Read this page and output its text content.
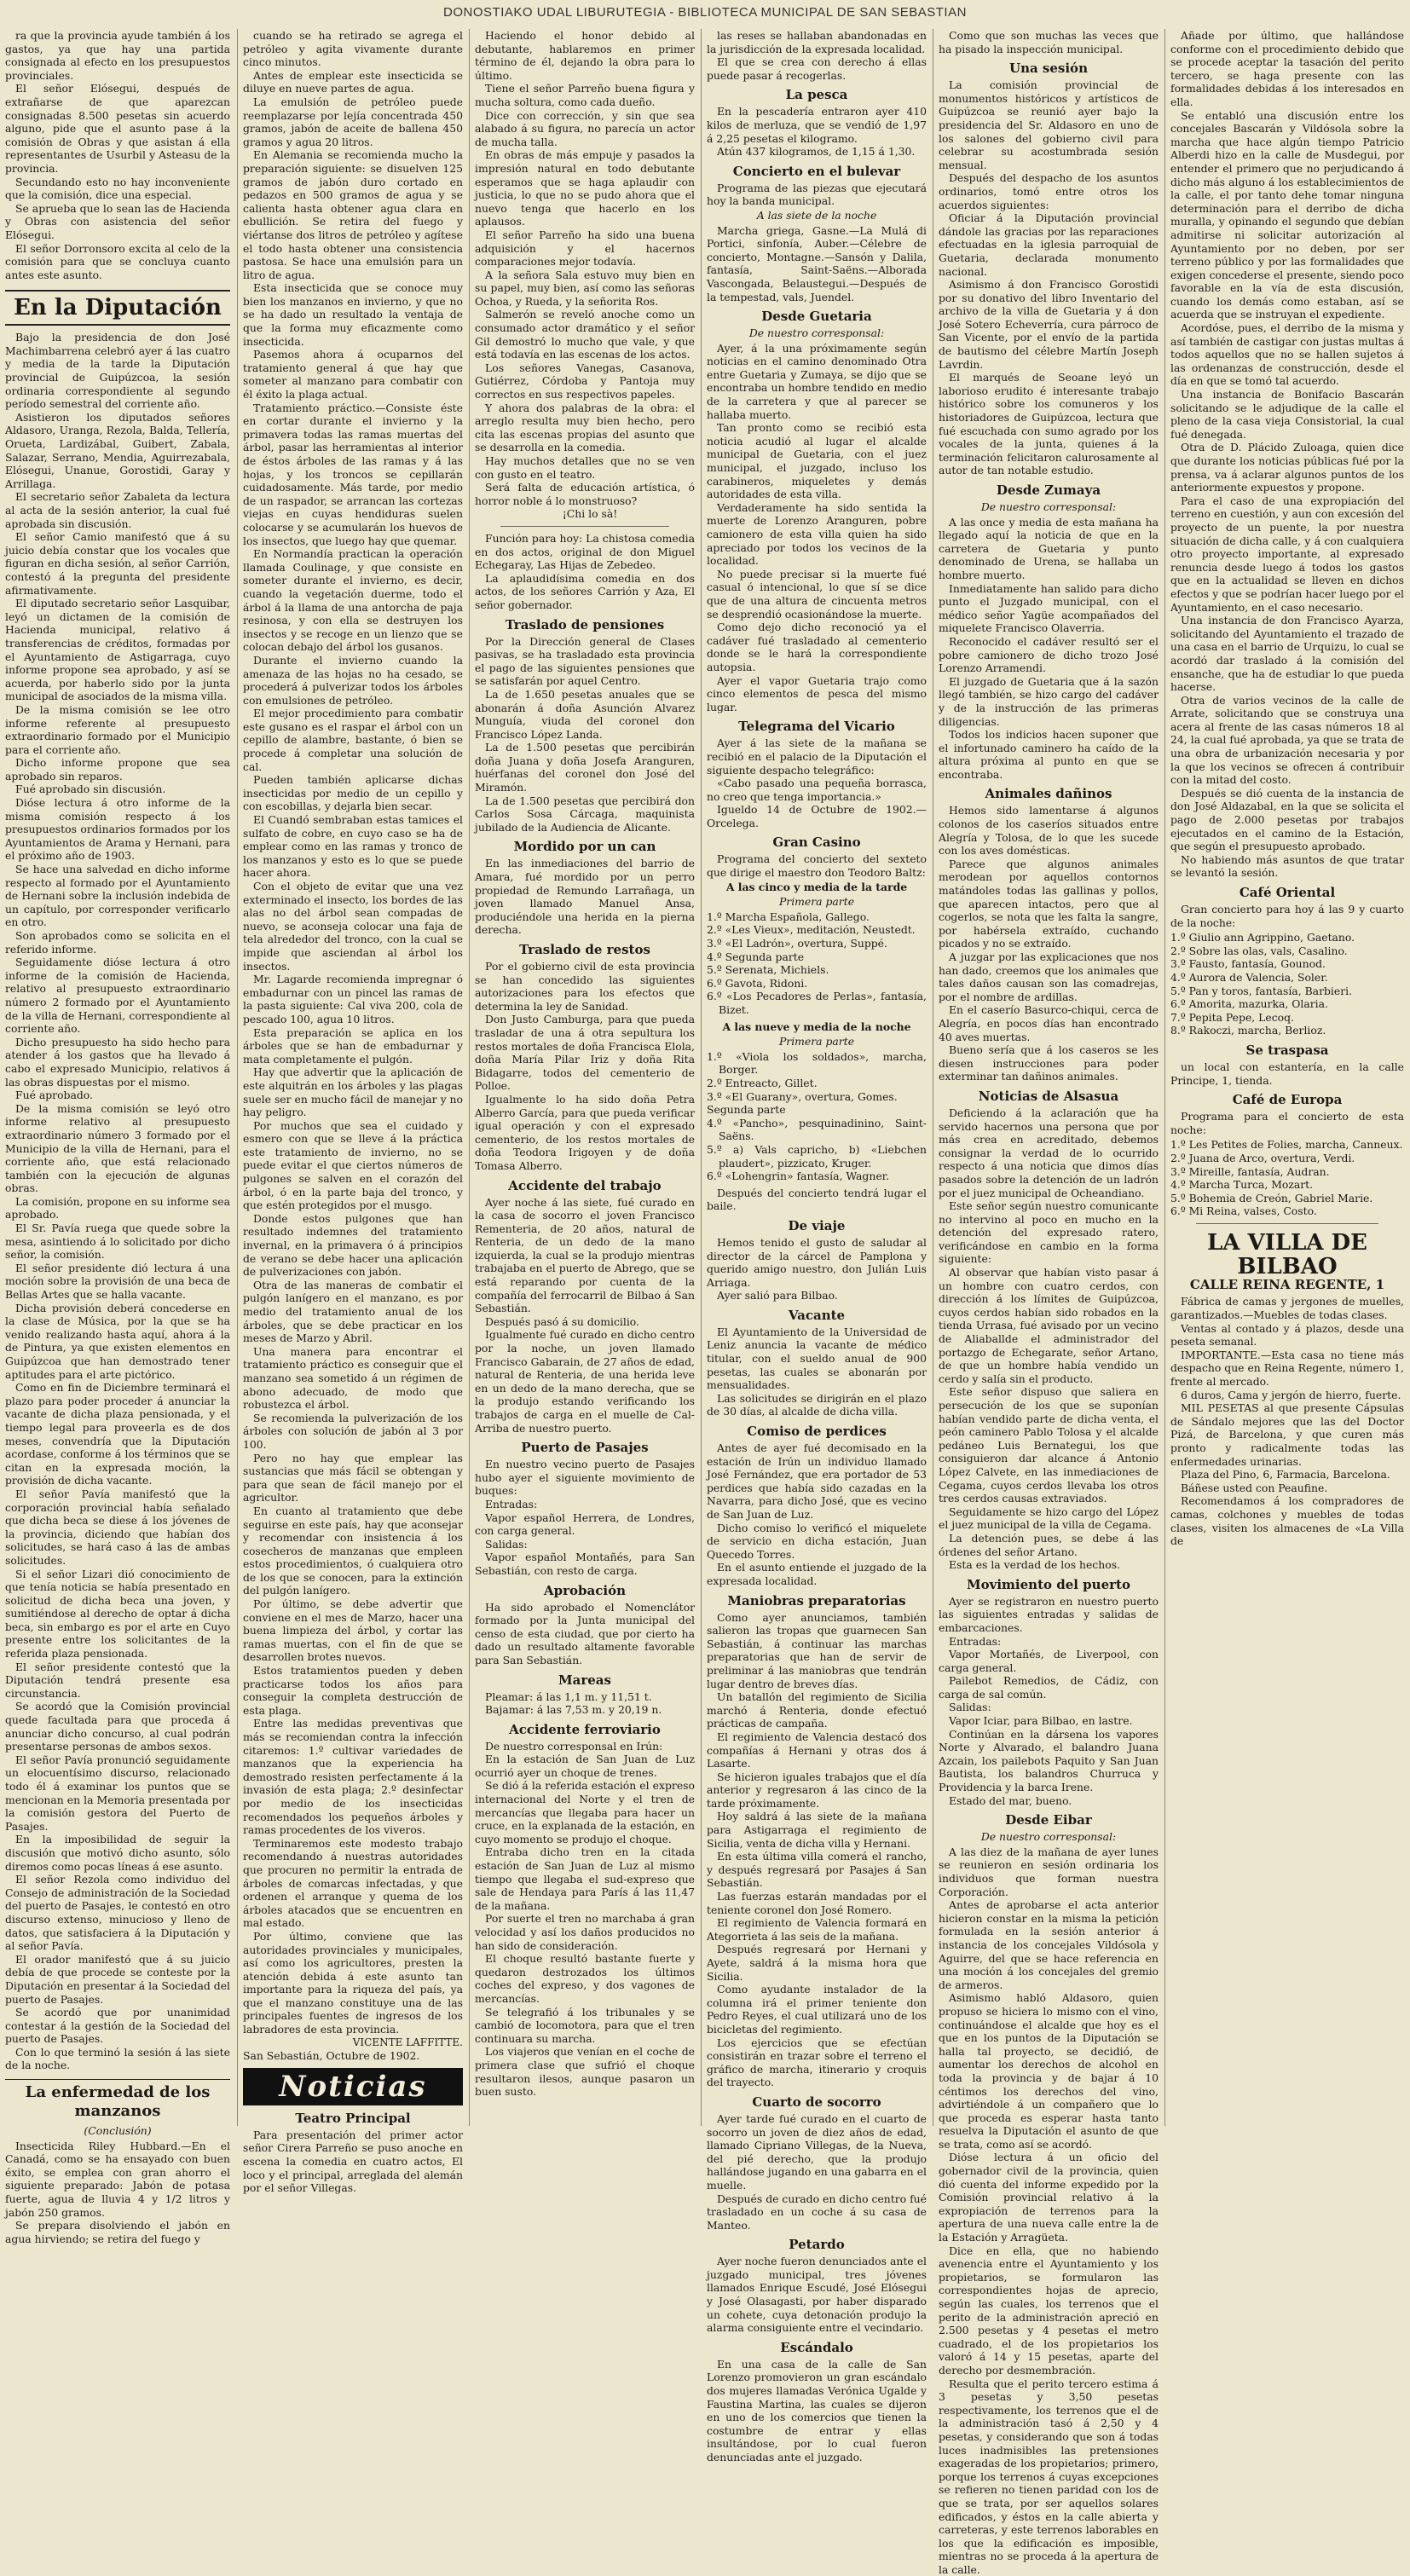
DONOSTIAKO UDAL LIBURUTEGIA - BIBLIOTECA MUNICIPAL DE SAN SEBASTIAN

ra que la provincia ayude también á los gastos, ya que hay una partida consignada al efecto en los presupuestos provinciales.

El señor Elósegui, después de extrañarse de que aparezcan consignadas 8.500 pesetas sin acuerdo alguno, pide que el asunto pase á la comisión de Obras y que asistan á ella representantes de Usurbil y Asteasu de la provincia.

Secundando esto no hay inconveniente que la comisión, dice una especial.

Se aprueba que lo sean las de Hacienda y Obras con asistencia del señor Elósegui.

El señor Dorronsoro excita al celo de la comisión para que se concluya cuanto antes este asunto.

En la Diputación

Bajo la presidencia de don José Machimbarrena celebró ayer á las cuatro y media de la tarde la Diputación provincial de Guipúzcoa, la sesión ordinaria correspondiente al segundo período semestral del corriente año.

Asistieron los diputados señores Aldasoro, Uranga, Rezola, Balda, Tellería, Orueta, Lardizábal, Guibert, Zabala, Salazar, Serrano, Mendia, Aguirrezabala, Elósegui, Unanue, Gorostidi, Garay y Arrillaga.

El secretario señor Zabaleta da lectura al acta de la sesión anterior, la cual fué aprobada sin discusión.

El señor Camio manifestó que á su juicio debía constar que los vocales que figuran en dicha sesión, al señor Carrión, contestó á la pregunta del presidente afirmativamente.

El diputado secretario señor Lasquibar, leyó un dictamen de la comisión de Hacienda municipal, relativo á transferencias de créditos, formadas por el Ayuntamiento de Astigarraga, cuyo informe propone sea aprobado, y así se acuerda, por haberlo sido por la junta municipal de asociados de la misma villa.

De la misma comisión se lee otro informe referente al presupuesto extraordinario formado por el Municipio para el corriente año.

Dicho informe propone que sea aprobado sin reparos.

Fué aprobado sin discusión.

Dióse lectura á otro informe de la misma comisión respecto á los presupuestos ordinarios formados por los Ayuntamientos de Arama y Hernani, para el próximo año de 1903.

Se hace una salvedad en dicho informe respecto al formado por el Ayuntamiento de Hernani sobre la inclusión indebida de un capítulo, por corresponder verificarlo en otro.

Son aprobados como se solicita en el referido informe.

Seguidamente dióse lectura á otro informe de la comisión de Hacienda, relativo al presupuesto extraordinario número 2 formado por el Ayuntamiento de la villa de Hernani, correspondiente al corriente año.

Dicho presupuesto ha sido hecho para atender á los gastos que ha llevado á cabo el expresado Municipio, relativos á las obras dispuestas por el mismo.

Fué aprobado.

De la misma comisión se leyó otro informe relativo al presupuesto extraordinario número 3 formado por el Municipio de la villa de Hernani, para el corriente año, que está relacionado también con la ejecución de algunas obras.

La comisión, propone en su informe sea aprobado.

El Sr. Pavía ruega que quede sobre la mesa, asintiendo á lo solicitado por dicho señor, la comisión.

El señor presidente dió lectura á una moción sobre la provisión de una beca de Bellas Artes que se halla vacante.

Dicha provisión deberá concederse en la clase de Música, por la que se ha venido realizando hasta aquí, ahora á la de Pintura, ya que existen elementos en Guipúzcoa que han demostrado tener aptitudes para el arte pictórico.

Como en fin de Diciembre terminará el plazo para poder proceder á anunciar la vacante de dicha plaza pensionada, y el tiempo legal para proveerla es de dos meses, convendría que la Diputación acordase, conforme á los términos que se citan en la expresada moción, la provisión de dicha vacante.

El señor Pavía manifestó que la corporación provincial había señalado que dicha beca se diese á los jóvenes de la provincia, diciendo que habían dos solicitudes, se hará caso á las de ambas solicitudes.

Si el señor Lizari dió conocimiento de que tenía noticia se había presentado en solicitud de dicha beca una joven, y sumitiéndose al derecho de optar á dicha beca, sin embargo es por el arte en Cuyo presente entre los solicitantes de la referida plaza pensionada.

El señor presidente contestó que la Diputación tendrá presente esa circunstancia.

Se acordó que la Comisión provincial quede facultada para que proceda á anunciar dicho concurso, al cual podrán presentarse personas de ambos sexos.

El señor Pavía pronunció seguidamente un elocuentísimo discurso, relacionado todo él á examinar los puntos que se mencionan en la Memoria presentada por la comisión gestora del Puerto de Pasajes.

En la imposibilidad de seguir la discusión que motivó dicho asunto, sólo diremos como pocas líneas á ese asunto.

El señor Rezola como individuo del Consejo de administración de la Sociedad del puerto de Pasajes, le contestó en otro discurso extenso, minucioso y lleno de datos, que satisfaciera á la Diputación y al señor Pavía.

El orador manifestó que á su juicio debía de que procede se conteste por la Diputación en presentar á la Sociedad del puerto de Pasajes.

Se acordó que por unanimidad contestar á la gestión de la Sociedad del puerto de Pasajes.

Con lo que terminó la sesión á las siete de la noche.

La enfermedad de los manzanos
(Conclusión)

Insecticida Riley Hubbard.—En el Canadá, como se ha ensayado con buen éxito, se emplea con gran ahorro el siguiente preparado: Jabón de potasa fuerte, agua de lluvia 4 y 1/2 litros y jabón 250 gramos.

Se prepara disolviendo el jabón en agua hirviendo; se retira del fuego y

cuando se ha retirado se agrega el petróleo y agita vivamente durante cinco minutos.

Antes de emplear este insecticida se diluye en nueve partes de agua.

La emulsión de petróleo puede reemplazarse por lejía concentrada 450 gramos, jabón de aceite de ballena 450 gramos y agua 20 litros.

En Alemania se recomienda mucho la preparación siguiente: se disuelven 125 gramos de jabón duro cortado en pedazos en 500 gramos de agua y se calienta hasta obtener agua clara en ebullición. Se retira del fuego y viértanse dos litros de petróleo y agítese el todo hasta obtener una consistencia pastosa. Se hace una emulsión para un litro de agua.

Esta insecticida que se conoce muy bien los manzanos en invierno, y que no se ha dado un resultado la ventaja de que la forma muy eficazmente como insecticida.

Pasemos ahora á ocuparnos del tratamiento general á que hay que someter al manzano para combatir con él éxito la plaga actual.

Tratamiento práctico.—Consiste éste en cortar durante el invierno y la primavera todas las ramas muertas del árbol, pasar las herramientas al interior de éstos árboles de las ramas y á las hojas, y los troncos se cepillarán cuidadosamente. Más tarde, por medio de un raspador, se arrancan las cortezas viejas en cuyas hendiduras suelen colocarse y se acumularán los huevos de los insectos, que luego hay que quemar.

En Normandía practican la operación llamada Coulinage, y que consiste en someter durante el invierno, es decir, cuando la vegetación duerme, todo el árbol á la llama de una antorcha de paja resinosa, y con ella se destruyen los insectos y se recoge en un lienzo que se colocan debajo del árbol los gusanos.

Durante el invierno cuando la amenaza de las hojas no ha cesado, se procederá á pulverizar todos los árboles con emulsiones de petróleo.

El mejor procedimiento para combatir este gusano es el raspar el árbol con un cepillo de alambre, bastante, ó bien se procede á completar una solución de cal.

Pueden también aplicarse dichas insecticidas por medio de un cepillo y con escobillas, y dejarla bien secar.

El Cuandó sembraban estas tamices el sulfato de cobre, en cuyo caso se ha de emplear como en las ramas y tronco de los manzanos y esto es lo que se puede hacer ahora.

Con el objeto de evitar que una vez exterminado el insecto, los bordes de las alas no del árbol sean compadas de nuevo, se aconseja colocar una faja de tela alrededor del tronco, con la cual se impide que asciendan al árbol los insectos.

Mr. Lagarde recomienda impregnar ó embadurnar con un pincel las ramas de la pasta siguiente: Cal viva 200, cola de pescado 100, agua 10 litros.

Esta preparación se aplica en los árboles que se han de embadurnar y mata completamente el pulgón.

Hay que advertir que la aplicación de este alquitrán en los árboles y las plagas suele ser en mucho fácil de manejar y no hay peligro.

Por muchos que sea el cuidado y esmero con que se lleve á la práctica este tratamiento de invierno, no se puede evitar el que ciertos números de pulgones se salven en el corazón del árbol, ó en la parte baja del tronco, y que estén protegidos por el musgo.

Donde estos pulgones que han resultado indemnes del tratamiento invernal, en la primavera ó á principios de verano se debe hacer una aplicación de pulverizaciones con jabón.

Otra de las maneras de combatir el pulgón lanígero en el manzano, es por medio del tratamiento anual de los árboles, que se debe practicar en los meses de Marzo y Abril.

Una manera para encontrar el tratamiento práctico es conseguir que el manzano sea sometido á un régimen de abono adecuado, de modo que robustezca el árbol.

Se recomienda la pulverización de los árboles con solución de jabón al 3 por 100.

Pero no hay que emplear las sustancias que más fácil se obtengan y para que sean de fácil manejo por el agricultor.

En cuanto al tratamiento que debe seguirse en este país, hay que aconsejar y recomendar con insistencia á los cosecheros de manzanas que empleen estos procedimientos, ó cualquiera otro de los que se conocen, para la extinción del pulgón lanígero.

Por último, se debe advertir que conviene en el mes de Marzo, hacer una buena limpieza del árbol, y cortar las ramas muertas, con el fin de que se desarrollen brotes nuevos.

Estos tratamientos pueden y deben practicarse todos los años para conseguir la completa destrucción de esta plaga.

Entre las medidas preventivas que más se recomiendan contra la infección citaremos: 1.º cultivar variedades de manzanos que la experiencia ha demostrado resisten perfectamente á la invasión de esta plaga; 2.º desinfectar por medio de los insecticidas recomendados los pequeños árboles y ramas procedentes de los viveros.

Terminaremos este modesto trabajo recomendando á nuestras autoridades que procuren no permitir la entrada de árboles de comarcas infectadas, y que ordenen el arranque y quema de los árboles atacados que se encuentren en mal estado.

Por último, conviene que las autoridades provinciales y municipales, así como los agricultores, presten la atención debida á este asunto tan importante para la riqueza del país, ya que el manzano constituye una de las principales fuentes de ingresos de los labradores de esta provincia.

VICENTE LAFFITTE.
San Sebastián, Octubre de 1902.
Noticias
Teatro Principal

Para presentación del primer actor señor Cirera Parreño se puso anoche en escena la comedia en cuatro actos, El loco y el principal, arreglada del alemán por el señor Villegas.

Haciendo el honor debido al debutante, hablaremos en primer término de él, dejando la obra para lo último.

Tiene el señor Parreño buena figura y mucha soltura, como cada dueño.

Dice con corrección, y sin que sea alabado á su figura, no parecía un actor de mucha talla.

En obras de más empuje y pasados la impresión natural en todo debutante esperamos que se haga aplaudir con justicia, lo que no se pudo ahora que el nuevo tenga que hacerlo en los aplausos.

El señor Parreño ha sido una buena adquisición y el hacernos comparaciones mejor todavía.

A la señora Sala estuvo muy bien en su papel, muy bien, así como las señoras Ochoa, y Rueda, y la señorita Ros.

Salmerón se reveló anoche como un consumado actor dramático y el señor Gil demostró lo mucho que vale, y que está todavía en las escenas de los actos.

Los señores Vanegas, Casanova, Gutiérrez, Córdoba y Pantoja muy correctos en sus respectivos papeles.

Y ahora dos palabras de la obra: el arreglo resulta muy bien hecho, pero cita las escenas propias del asunto que se desarrolla en la comedia.

Hay muchos detalles que no se ven con gusto en el teatro.

Será falta de educación artística, ó horror noble á lo monstruoso?

¡Chi lo sà!

Función para hoy: La chistosa comedia en dos actos, original de don Miguel Echegaray, Las Hijas de Zebedeo.

La aplaudidísima comedia en dos actos, de los señores Carrión y Aza, El señor gobernador.

Traslado de pensiones

Por la Dirección general de Clases pasivas, se ha trasladado esta provincia el pago de las siguientes pensiones que se satisfarán por aquel Centro.

La de 1.650 pesetas anuales que se abonarán á doña Asunción Alvarez Munguía, viuda del coronel don Francisco López Landa.

La de 1.500 pesetas que percibirán doña Juana y doña Josefa Aranguren, huérfanas del coronel don José del Miramón.

La de 1.500 pesetas que percibirá don Carlos Sosa Cárcaga, maquinista jubilado de la Audiencia de Alicante.

Mordido por un can

En las inmediaciones del barrio de Amara, fué mordido por un perro propiedad de Remundo Larrañaga, un joven llamado Manuel Ansa, produciéndole una herida en la pierna derecha.

Traslado de restos

Por el gobierno civil de esta provincia se han concedido las siguientes autorizaciones para los efectos que determina la ley de Sanidad.

Don Justo Camburga, para que pueda trasladar de una á otra sepultura los restos mortales de doña Francisca Elola, doña María Pilar Iriz y doña Rita Bidagarre, todos del cementerio de Polloe.

Igualmente lo ha sido doña Petra Alberro García, para que pueda verificar igual operación y con el expresado cementerio, de los restos mortales de doña Teodora Irigoyen y de doña Tomasa Alberro.

Accidente del trabajo

Ayer noche á las siete, fué curado en la casa de socorro el joven Francisco Rementeria, de 20 años, natural de Renteria, de un dedo de la mano izquierda, la cual se la produjo mientras trabajaba en el puerto de Abrego, que se está reparando por cuenta de la compañía del ferrocarril de Bilbao á San Sebastián.

Después pasó á su domicilio.

Igualmente fué curado en dicho centro por la noche, un joven llamado Francisco Gabarain, de 27 años de edad, natural de Renteria, de una herida leve en un dedo de la mano derecha, que se la produjo estando verificando los trabajos de carga en el muelle de Cal-Arriba de nuestro puerto.

Puerto de Pasajes

En nuestro vecino puerto de Pasajes hubo ayer el siguiente movimiento de buques:

Entradas:

Vapor español Herrera, de Londres, con carga general.

Salidas:

Vapor español Montañés, para San Sebastián, con resto de carga.

Aprobación

Ha sido aprobado el Nomenclátor formado por la Junta municipal del censo de esta ciudad, que por cierto ha dado un resultado altamente favorable para San Sebastián.

Mareas

Pleamar: á las 1,1 m. y 11,51 t.

Bajamar: á las 7,53 m. y 20,19 n.

Accidente ferroviario

De nuestro corresponsal en Irún:

En la estación de San Juan de Luz ocurrió ayer un choque de trenes.

Se dió á la referida estación el expreso internacional del Norte y el tren de mercancías que llegaba para hacer un cruce, en la explanada de la estación, en cuyo momento se produjo el choque.

Entraba dicho tren en la citada estación de San Juan de Luz al mismo tiempo que llegaba el sud-expreso que sale de Hendaya para París á las 11,47 de la mañana.

Por suerte el tren no marchaba á gran velocidad y así los daños producidos no han sido de consideración.

El choque resultó bastante fuerte y quedaron destrozados los últimos coches del expreso, y dos vagones de mercancías.

Se telegrafió á los tribunales y se cambió de locomotora, para que el tren continuara su marcha.

Los viajeros que venían en el coche de primera clase que sufrió el choque resultaron ilesos, aunque pasaron un buen susto.

las reses se hallaban abandonadas en la jurisdicción de la expresada localidad.

El que se crea con derecho á ellas puede pasar á recogerlas.

La pesca

En la pescadería entraron ayer 410 kilos de merluza, que se vendió de 1,97 á 2,25 pesetas el kilogramo.

Atún 437 kilogramos, de 1,15 á 1,30.

Concierto en el bulevar

Programa de las piezas que ejecutará hoy la banda municipal.

A las siete de la noche

Marcha griega, Gasne.—La Mulá di Portici, sinfonía, Auber.—Célebre de concierto, Montagne.—Sansón y Dalila, fantasía, Saint-Saëns.—Alborada Vascongada, Belaustegui.—Después de la tempestad, vals, Juendel.

Desde Guetaria
De nuestro corresponsal:

Ayer, á la una próximamente según noticias en el camino denominado Otra entre Guetaria y Zumaya, se dijo que se encontraba un hombre tendido en medio de la carretera y que al parecer se hallaba muerto.

Tan pronto como se recibió esta noticia acudió al lugar el alcalde municipal de Guetaria, con el juez municipal, el juzgado, incluso los carabineros, miqueletes y demás autoridades de esta villa.

Verdaderamente ha sido sentida la muerte de Lorenzo Aranguren, pobre camionero de esta villa quien ha sido apreciado por todos los vecinos de la localidad.

No puede precisar si la muerte fué casual ó intencional, lo que sí se dice que de una altura de cincuenta metros se desprendió ocasionándose la muerte.

Como dejo dicho reconoció ya el cadáver fué trasladado al cementerio donde se le hará la correspondiente autopsia.

Ayer el vapor Guetaria trajo como cinco elementos de pesca del mismo lugar.

Telegrama del Vicario

Ayer á las siete de la mañana se recibió en el palacio de la Diputación el siguiente despacho telegráfico:

«Cabo pasado una pequeña borrasca, no creo que tenga importancia.»

Igueldo 14 de Octubre de 1902.—Orcelega.

Gran Casino

Programa del concierto del sexteto que dirige el maestro don Teodoro Baltz:

A las cinco y media de la tarde
Primera parte
1.º Marcha Española, Gallego.
2.º «Les Vieux», meditación, Neustedt.
3.º «El Ladrón», overtura, Suppé.
4.º Segunda parte
5.º Serenata, Michiels.
6.º Gavota, Ridoni.
6.º «Los Pecadores de Perlas», fantasía, Bizet.
A las nueve y media de la noche
Primera parte
1.º «Viola los soldados», marcha, Borger.
2.º Entreacto, Gillet.
3.º «El Guarany», overtura, Gomes.
Segunda parte
4.º «Pancho», pesquinadinino, Saint-Saëns.
5.º a) Vals capricho, b) «Liebchen plaudert», pizzicato, Kruger.
6.º «Lohengrin» fantasía, Wagner.

Después del concierto tendrá lugar el baile.

De viaje

Hemos tenido el gusto de saludar al director de la cárcel de Pamplona y querido amigo nuestro, don Julián Luis Arriaga.

Ayer salió para Bilbao.

Vacante

El Ayuntamiento de la Universidad de Leniz anuncia la vacante de médico titular, con el sueldo anual de 900 pesetas, las cuales se abonarán por mensualidades.

Las solicitudes se dirigirán en el plazo de 30 días, al alcalde de dicha villa.

Comiso de perdices

Antes de ayer fué decomisado en la estación de Irún un individuo llamado José Fernández, que era portador de 53 perdices que había sido cazadas en la Navarra, para dicho José, que es vecino de San Juan de Luz.

Dicho comiso lo verificó el miquelete de servicio en dicha estación, Juan Quecedo Torres.

En el asunto entiende el juzgado de la expresada localidad.

Maniobras preparatorias

Como ayer anunciamos, también salieron las tropas que guarnecen San Sebastián, á continuar las marchas preparatorias que han de servir de preliminar á las maniobras que tendrán lugar dentro de breves días.

Un batallón del regimiento de Sicilia marchó á Renteria, donde efectuó prácticas de campaña.

El regimiento de Valencia destacó dos compañías á Hernani y otras dos á Lasarte.

Se hicieron iguales trabajos que el día anterior y regresaron á las cinco de la tarde próximamente.

Hoy saldrá á las siete de la mañana para Astigarraga el regimiento de Sicilia, venta de dicha villa y Hernani.

En esta última villa comerá el rancho, y después regresará por Pasajes á San Sebastián.

Las fuerzas estarán mandadas por el teniente coronel don José Romero.

El regimiento de Valencia formará en Ategorrieta á las seis de la mañana.

Después regresará por Hernani y Ayete, saldrá á la misma hora que Sicilia.

Como ayudante instalador de la columna irá el primer teniente don Pedro Reyes, el cual utilizará uno de los bicicletas del regimiento.

Los ejercicios que se efectúan consistirán en trazar sobre el terreno el gráfico de marcha, itinerario y croquis del trayecto.

Cuarto de socorro

Ayer tarde fué curado en el cuarto de socorro un joven de diez años de edad, llamado Cipriano Villegas, de la Nueva, del pié derecho, que la produjo hallándose jugando en una gabarra en el muelle.

Después de curado en dicho centro fué trasladado en un coche á su casa de Manteo.

Petardo

Ayer noche fueron denunciados ante el juzgado municipal, tres jóvenes llamados Enrique Escudé, José Elósegui y José Olasagasti, por haber disparado un cohete, cuya detonación produjo la alarma consiguiente entre el vecindario.

Escándalo

En una casa de la calle de San Lorenzo promovieron un gran escándalo dos mujeres llamadas Verónica Ugalde y Faustina Martina, las cuales se dijeron en uno de los comercios que tienen la costumbre de entrar y ellas insultándose, por lo cual fueron denunciadas ante el juzgado.

Como que son muchas las veces que ha pisado la inspección municipal.

Una sesión

La comisión provincial de monumentos históricos y artísticos de Guipúzcoa se reunió ayer bajo la presidencia del Sr. Aldasoro en uno de los salones del gobierno civil para celebrar su acostumbrada sesión mensual.

Después del despacho de los asuntos ordinarios, tomó entre otros los acuerdos siguientes:

Oficiar á la Diputación provincial dándole las gracias por las reparaciones efectuadas en la iglesia parroquial de Guetaria, declarada monumento nacional.

Asimismo á don Francisco Gorostidi por su donativo del libro Inventario del archivo de la villa de Guetaria y á don José Sotero Echeverría, cura párroco de San Vicente, por el envío de la partida de bautismo del célebre Martín Joseph Lavrdin.

El marqués de Seoane leyó un laborioso erudito é interesante trabajo histórico sobre los comuneros y los historiadores de Guipúzcoa, lectura que fué escuchada con sumo agrado por los vocales de la junta, quienes á la terminación felicitaron calurosamente al autor de tan notable estudio.

Desde Zumaya
De nuestro corresponsal:

A las once y media de esta mañana ha llegado aquí la noticia de que en la carretera de Guetaria y punto denominado de Urena, se hallaba un hombre muerto.

Inmediatamente han salido para dicho punto el Juzgado municipal, con el médico señor Yagüe acompañados del miquelete Francisco Olaverria.

Reconocido el cadáver resultó ser el pobre camionero de dicho trozo José Lorenzo Arramendi.

El juzgado de Guetaria que á la sazón llegó también, se hizo cargo del cadáver y de la instrucción de las primeras diligencias.

Todos los indicios hacen suponer que el infortunado caminero ha caído de la altura próxima al punto en que se encontraba.

Animales dañinos

Hemos sido lamentarse á algunos colonos de los caseríos situados entre Alegría y Tolosa, de lo que les sucede con los aves domésticas.

Parece que algunos animales merodean por aquellos contornos matándoles todas las gallinas y pollos, que aparecen intactos, pero que al cogerlos, se nota que les falta la sangre, por habérsela extraído, cuchando picados y no se extraído.

A juzgar por las explicaciones que nos han dado, creemos que los animales que tales daños causan son las comadrejas, por el nombre de ardillas.

En el caserío Basurco-chiqui, cerca de Alegría, en pocos días han encontrado 40 aves muertas.

Bueno sería que á los caseros se les diesen instrucciones para poder exterminar tan dañinos animales.

Noticias de Alsasua

Deficiendo á la aclaración que ha servido hacernos una persona que por más crea en acreditado, debemos consignar la verdad de lo ocurrido respecto á una noticia que dimos días pasados sobre la detención de un ladrón por el juez municipal de Ocheandiano.

Este señor según nuestro comunicante no intervino al poco en mucho en la detención del expresado ratero, verificándose en cambio en la forma siguiente:

Al observar que habían visto pasar á un hombre con cuatro cerdos, con dirección á los límites de Guipúzcoa, cuyos cerdos habían sido robados en la tienda Urrasa, fué avisado por un vecino de Aliaballde el administrador del portazgo de Echegarate, señor Artano, de que un hombre había vendido un cerdo y salía sin el producto.

Este señor dispuso que saliera en persecución de los que se suponían habían vendido parte de dicha venta, el peón caminero Pablo Tolosa y el alcalde pedáneo Luis Bernategui, los que consiguieron dar alcance á Antonio López Calvete, en las inmediaciones de Cegama, cuyos cerdos llevaba los otros tres cerdos causas extraviados.

Seguidamente se hizo cargo del López el juez municipal de la villa de Cegama.

La detención pues, se debe á las órdenes del señor Artano.

Esta es la verdad de los hechos.

Movimiento del puerto

Ayer se registraron en nuestro puerto las siguientes entradas y salidas de embarcaciones.

Entradas:

Vapor Mortañés, de Liverpool, con carga general.

Pailebot Remedios, de Cádiz, con carga de sal común.

Salidas:

Vapor Iciar, para Bilbao, en lastre.

Continúan en la dársena los vapores Norte y Alvarado, el balandro Juana Azcain, los pailebots Paquito y San Juan Bautista, los balandros Churruca y Providencia y la barca Irene.

Estado del mar, bueno.

Desde Eibar
De nuestro corresponsal:

A las diez de la mañana de ayer lunes se reunieron en sesión ordinaria los individuos que forman nuestra Corporación.

Antes de aprobarse el acta anterior hicieron constar en la misma la petición formulada en la sesión anterior á instancia de los concejales Vildósola y Aguirre, del que se hace referencia en una moción á los concejales del gremio de armeros.

Asimismo habló Aldasoro, quien propuso se hiciera lo mismo con el vino, continuándose el alcalde que hoy es el que en los puntos de la Diputación se halla tal proyecto, se decidió, de aumentar los derechos de alcohol en toda la provincia y de bajar á 10 céntimos los derechos del vino, advirtiéndole á un compañero que lo que proceda es esperar hasta tanto resuelva la Diputación el asunto de que se trata, como así se acordó.

Dióse lectura á un oficio del gobernador civil de la provincia, quien dió cuenta del informe expedido por la Comisión provincial relativo á la expropiación de terrenos para la apertura de una nueva calle entre la de la Estación y Arragüeta.

Dice en ella, que no habiendo avenencia entre el Ayuntamiento y los propietarios, se formularon las correspondientes hojas de aprecio, según las cuales, los terrenos que el perito de la administración apreció en 2.500 pesetas y 4 pesetas el metro cuadrado, el de los propietarios los valoró á 14 y 15 pesetas, aparte del derecho por desmembración.

Resulta que el perito tercero estima á 3 pesetas y 3,50 pesetas respectivamente, los terrenos que el de la administración tasó á 2,50 y 4 pesetas, y considerando que son á todas luces inadmisibles las pretensiones exageradas de los propietarios; primero, porque los terrenos á cuyas excepciones se refieren no tienen paridad con los de que se trata, por ser aquellos solares edificados, y éstos en la calle abierta y carreteras, y este terrenos laborables en los que la edificación es imposible, mientras no se proceda á la apertura de la calle.

Añade por último, que hallándose conforme con el procedimiento debido que se procede aceptar la tasación del perito tercero, se haga presente con las formalidades debidas á los interesados en ella.

Se entabló una discusión entre los concejales Bascarán y Vildósola sobre la marcha que hace algún tiempo Patricio Alberdi hizo en la calle de Musdegui, por entender el primero que no perjudicando á dicho más alguno á los establecimientos de la calle, el por tanto dehe tomar ninguna determinación para el derribo de dicha muralla, y opinando el segundo que debían admitirse ni solicitar autorización al Ayuntamiento por no deben, por ser terreno público y por las formalidades que exigen concederse el presente, siendo poco favorable en la vía de esta discusión, cuando los demás como estaban, así se acuerda que se instruyan el expediente.

Acordóse, pues, el derribo de la misma y así también de castigar con justas multas á todos aquellos que no se hallen sujetos á las ordenanzas de construcción, desde el día en que se tomó tal acuerdo.

Una instancia de Bonifacio Bascarán solicitando se le adjudique de la calle el pleno de la casa vieja Consistorial, la cual fué denegada.

Otra de D. Plácido Zuloaga, quien dice que durante los noticias públicas fué por la prensa, va á aclarar algunos puntos de los anteriormente expuestos y propone.

Para el caso de una expropiación del terreno en cuestión, y aun con excesión del proyecto de un puente, la por nuestra situación de dicha calle, y á con cualquiera otro proyecto importante, al expresado renuncia desde luego á todos los gastos que en la actualidad se lleven en dichos efectos y que se podrían hacer luego por el Ayuntamiento, en el caso necesario.

Una instancia de don Francisco Ayarza, solicitando del Ayuntamiento el trazado de una casa en el barrio de Urquizu, lo cual se acordó dar traslado á la comisión del ensanche, que ha de estudiar lo que pueda hacerse.

Otra de varios vecinos de la calle de Arrate, solicitando que se construya una acera al frente de las casas números 18 al 24, la cual fué aprobada, ya que se trata de una obra de urbanización necesaria y por la que los vecinos se ofrecen á contribuir con la mitad del costo.

Después se dió cuenta de la instancia de don José Aldazabal, en la que se solicita el pago de 2.000 pesetas por trabajos ejecutados en el camino de la Estación, que según el presupuesto aprobado.

No habiendo más asuntos de que tratar se levantó la sesión.

Café Oriental

Gran concierto para hoy á las 9 y cuarto de la noche:

1.º Giulio ann Agrippino, Gaetano.
2.º Sobre las olas, vals, Casalino.
3.º Fausto, fantasía, Gounod.
4.º Aurora de Valencia, Soler.
5.º Pan y toros, fantasía, Barbieri.
6.º Amorita, mazurka, Olaria.
7.º Pepita Pepe, Lecoq.
8.º Rakoczi, marcha, Berlioz.
Se traspasa

un local con estantería, en la calle Principe, 1, tienda.

Café de Europa

Programa para el concierto de esta noche:

1.º Les Petites de Folies, marcha, Canneux.
2.º Juana de Arco, overtura, Verdi.
3.º Mireille, fantasía, Audran.
4.º Marcha Turca, Mozart.
5.º Bohemia de Creón, Gabriel Marie.
6.º Mi Reina, valses, Costo.
LA VILLA DE BILBAO
CALLE REINA REGENTE, 1

Fábrica de camas y jergones de muelles, garantizados.—Muebles de todas clases.

Ventas al contado y á plazos, desde una peseta semanal.

IMPORTANTE.—Esta casa no tiene más despacho que en Reina Regente, número 1, frente al mercado.

6 duros, Cama y jergón de hierro, fuerte.

MIL PESETAS al que presente Cápsulas de Sándalo mejores que las del Doctor Pizá, de Barcelona, y que curen más pronto y radicalmente todas las enfermedades urinarias.

Plaza del Pino, 6, Farmacia, Barcelona.

Báñese usted con Peaufine.

Recomendamos á los compradores de camas, colchones y muebles de todas clases, visiten los almacenes de «La Villa de
